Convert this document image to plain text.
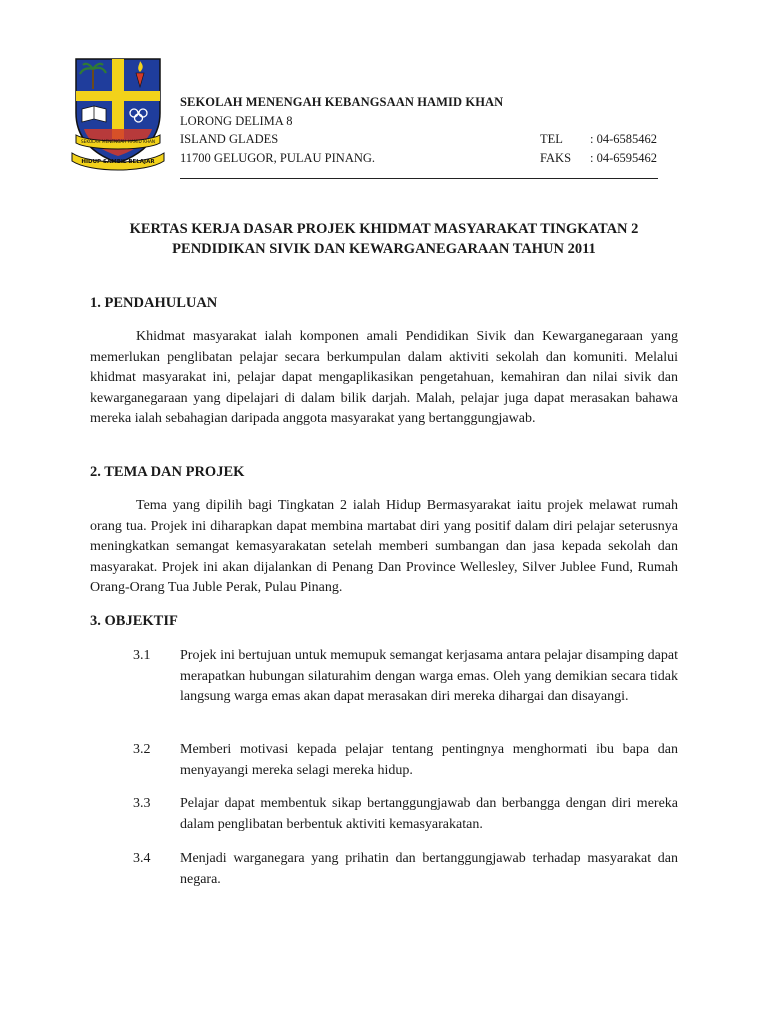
SEKOLAH MENENGAH HAMID KHAN
HIDUP SAMBIL BELAJAR
SEKOLAH MENENGAH KEBANGSAAN HAMID KHAN
LORONG DELIMA 8
ISLAND GLADES	TEL : 04-6585462
11700 GELUGOR, PULAU PINANG.	FAKS : 04-6595462
KERTAS KERJA DASAR PROJEK KHIDMAT MASYARAKAT TINGKATAN 2
PENDIDIKAN SIVIK DAN KEWARGANEGARAAN TAHUN 2011
1. PENDAHULUAN

Khidmat masyarakat ialah komponen amali Pendidikan Sivik dan Kewarganegaraan yang memerlukan penglibatan pelajar secara berkumpulan dalam aktiviti sekolah dan komuniti. Melalui khidmat masyarakat ini, pelajar dapat mengaplikasikan pengetahuan, kemahiran dan nilai sivik dan kewarganegaraan yang dipelajari di dalam bilik darjah. Malah, pelajar juga dapat merasakan bahawa mereka ialah sebahagian daripada anggota masyarakat yang bertanggungjawab.

2. TEMA DAN PROJEK

Tema yang dipilih bagi Tingkatan 2 ialah Hidup Bermasyarakat iaitu projek melawat rumah orang tua. Projek ini diharapkan dapat membina martabat diri yang positif dalam diri pelajar seterusnya meningkatkan semangat kemasyarakatan setelah memberi sumbangan dan jasa kepada sekolah dan masyarakat. Projek ini akan dijalankan di Penang Dan Province Wellesley, Silver Jublee Fund, Rumah Orang-Orang Tua Juble Perak, Pulau Pinang.

3. OBJEKTIF
3.1 Projek ini bertujuan untuk memupuk semangat kerjasama antara pelajar disamping dapat merapatkan hubungan silaturahim dengan warga emas. Oleh yang demikian secara tidak langsung warga emas akan dapat merasakan diri mereka dihargai dan disayangi.

3.2 Memberi motivasi kepada pelajar tentang pentingnya menghormati ibu bapa dan menyayangi mereka selagi mereka hidup.

3.3 Pelajar dapat membentuk sikap bertanggungjawab dan berbangga dengan diri mereka dalam penglibatan berbentuk aktiviti kemasyarakatan.

3.4 Menjadi warganegara yang prihatin dan bertanggungjawab terhadap masyarakat dan negara.
